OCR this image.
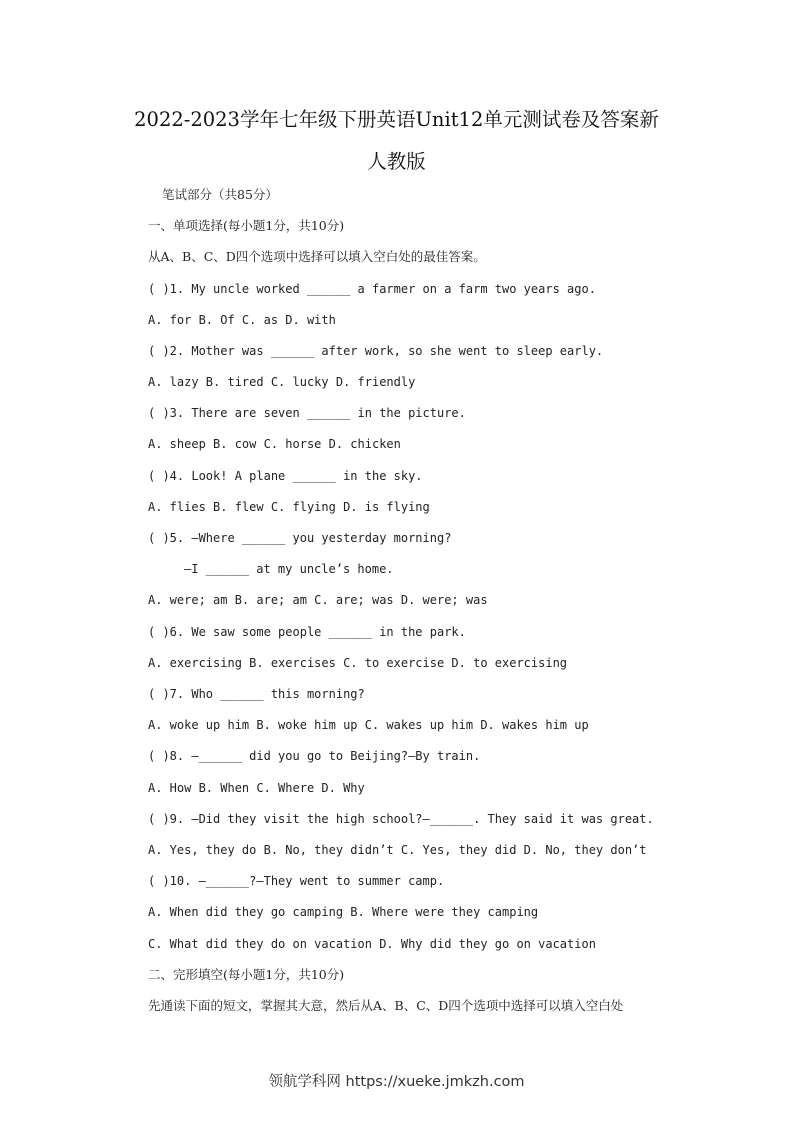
2022-2023学年七年级下册英语Unit12单元测试卷及答案新
人教版
笔试部分（共85分）
一、单项选择(每小题1分，共10分)
从A、B、C、D四个选项中选择可以填入空白处的最佳答案。
( )1. My uncle worked ______ a farmer on a farm two years ago.
A. for B. Of C. as D. with
( )2. Mother was ______ after work, so she went to sleep early.
A. lazy B. tired C. lucky D. friendly
( )3. There are seven ______ in the picture.
A. sheep B. cow C. horse D. chicken
( )4. Look! A plane ______ in the sky.
A. flies B. flew C. flying D. is flying
( )5. —Where ______ you yesterday morning?
—I ______ at my uncle’s home.
A. were; am B. are; am C. are; was D. were; was
( )6. We saw some people ______ in the park.
A. exercising B. exercises C. to exercise D. to exercising
( )7. Who ______ this morning?
A. woke up him B. woke him up C. wakes up him D. wakes him up
( )8. —______ did you go to Beijing?—By train.
A. How B. When C. Where D. Why
( )9. —Did they visit the high school?—______. They said it was great.
A. Yes, they do B. No, they didn’t C. Yes, they did D. No, they don’t
( )10. —______?—They went to summer camp.
A. When did they go camping B. Where were they camping
C. What did they do on vacation D. Why did they go on vacation
二、完形填空(每小题1分，共10分)
先通读下面的短文，掌握其大意，然后从A、B、C、D四个选项中选择可以填入空白处
领航学科网 https://xueke.jmkzh.com
